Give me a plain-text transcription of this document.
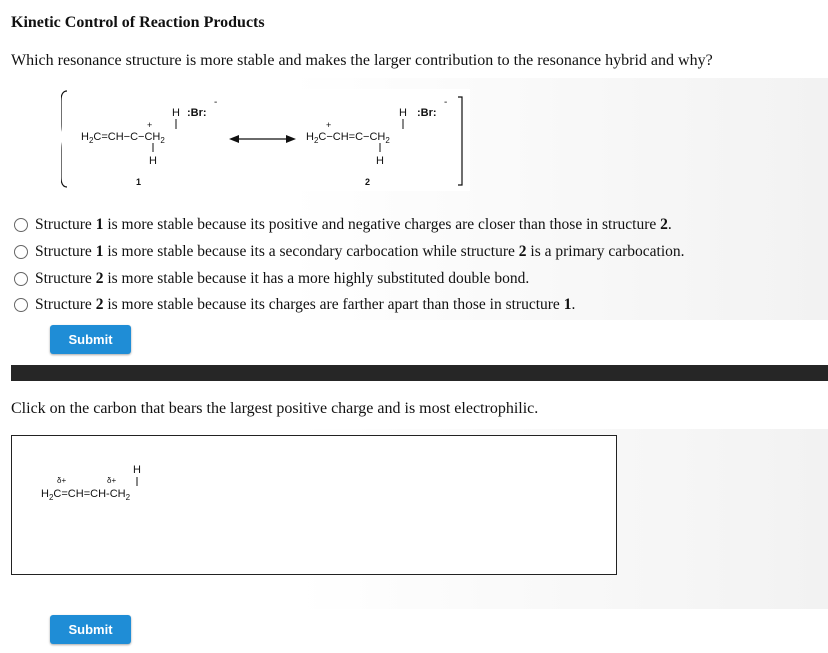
Kinetic Control of Reaction Products
Which resonance structure is more stable and makes the larger contribution to the resonance hybrid and why?
H :Br:
-
+
$H_2C=CH-C-CH_2$
H
1
H :Br:
-
+
$H_2C-CH=C-CH_2$
H
2
Structure 1 is more stable because its positive and negative charges are closer than those in structure 2.
Structure 1 is more stable because its a secondary carbocation while structure 2 is a primary carbocation.
Structure 2 is more stable because it has a more highly substituted double bond.
Structure 2 is more stable because its charges are farther apart than those in structure 1.
Submit
Click on the carbon that bears the largest positive charge and is most electrophilic.
H
δ+	δ+
$H_2C=CH=CH-CH_2$
Submit
